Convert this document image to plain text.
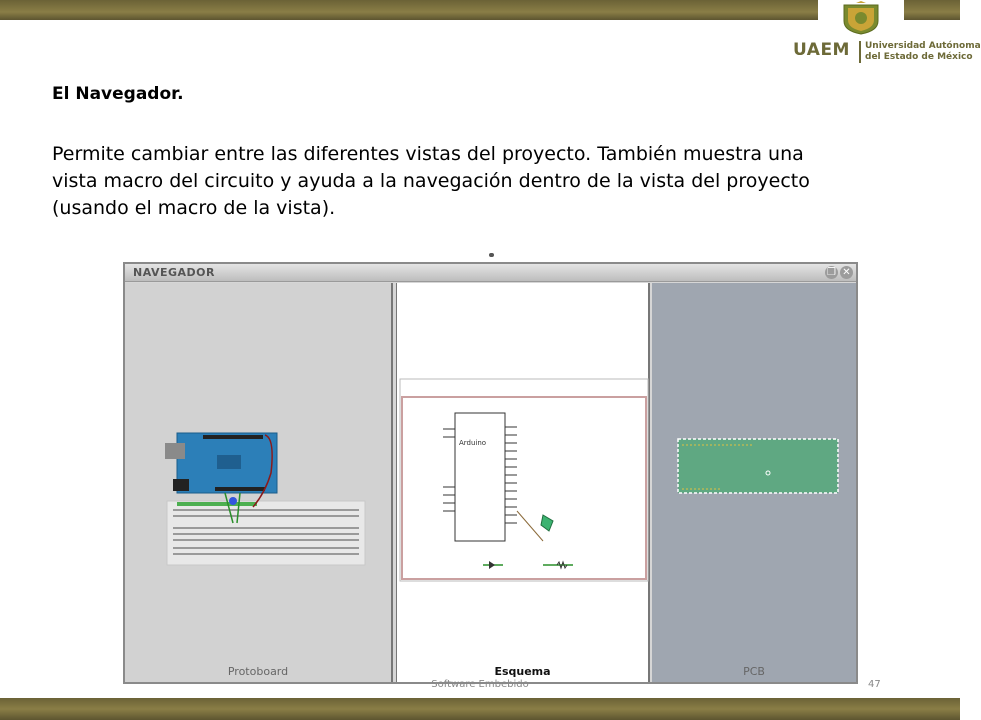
UAEM Universidad Autónoma
del Estado de México
El Navegador.
Permite cambiar entre las diferentes vistas del proyecto. También muestra una vista macro del circuito y ayuda a la navegación dentro de la vista del proyecto (usando el macro de la vista).
NAVEGADOR	❐ ✕
Protoboard
Arduino
Esquema	PCB
Software Embebido	47
